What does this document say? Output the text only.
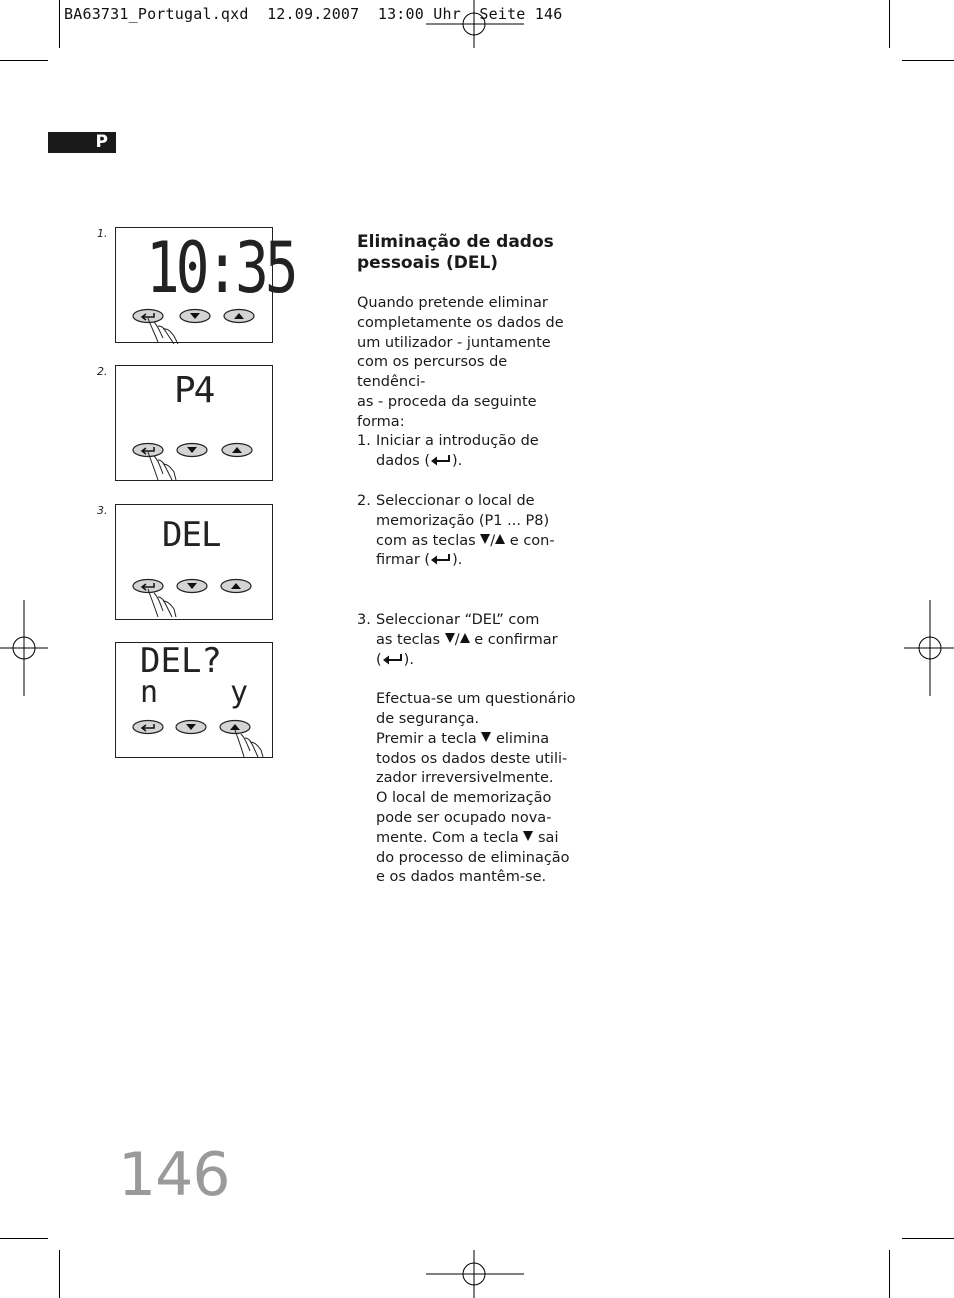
BA63731_Portugal.qxd  12.09.2007  13:00 Uhr  Seite 146
P
1. 10:35
2. P4
3.
DEL
DEL?
n y
Eliminação de dados
pessoais (DEL)
Quando pretende eliminar
completamente os dados de
um utilizador - juntamente
com os percursos de tendênci-
as - proceda da seguinte
forma:
1. Iniciar a introdução de
dados ( ).
2. Seleccionar o local de
memorização (P1 ... P8)
com as teclas / e con-
firmar ( ).
3. Seleccionar “DEL” com
as teclas / e confirmar
( ).
Efectua-se um questionário
de segurança.
Premir a tecla  elimina
todos os dados deste utili-
zador irreversivelmente.
O local de memorização
pode ser ocupado nova-
mente. Com a tecla  sai
do processo de eliminação
e os dados mantêm-se.
146
